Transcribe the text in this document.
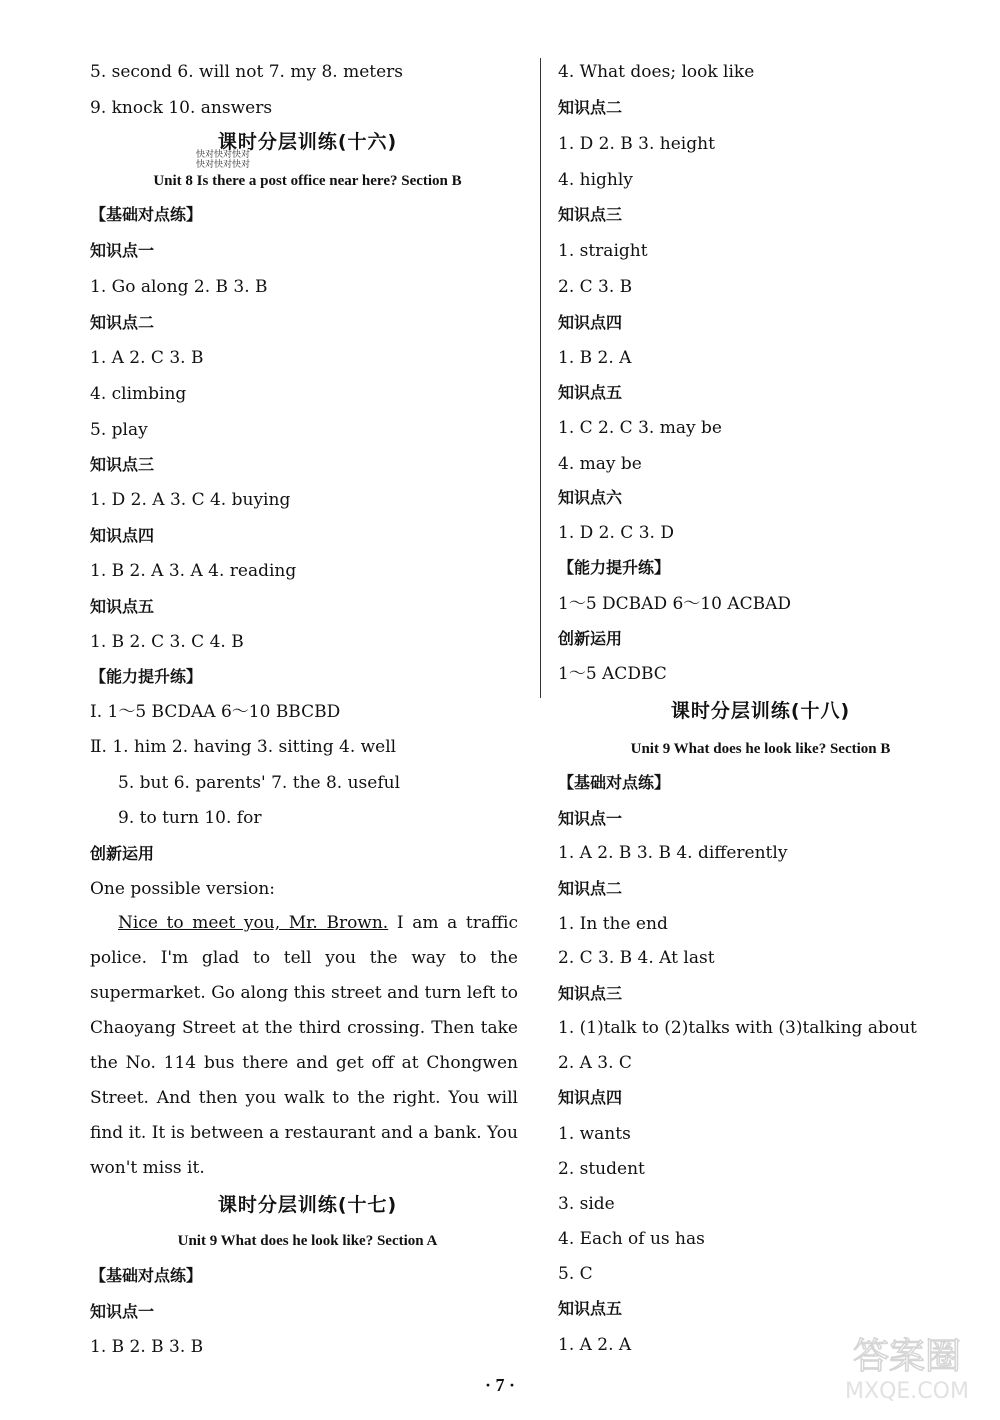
5. second 6. will not 7. my 8. meters
9. knock 10. answers
课时分层训练(十六)
Unit 8 Is there a post office near here? Section B
【基础对点练】
知识点一
1. Go along 2. B 3. B
知识点二
1. A 2. C 3. B
4. climbing
5. play
知识点三
1. D 2. A 3. C 4. buying
知识点四
1. B 2. A 3. A 4. reading
知识点五
1. B 2. C 3. C 4. B
【能力提升练】
Ⅰ. 1～5 BCDAA 6～10 BBCBD
Ⅱ. 1. him 2. having 3. sitting 4. well
5. but 6. parents' 7. the 8. useful
9. to turn 10. for
创新运用
One possible version:
Nice to meet you, Mr. Brown. I am a traffic police. I'm glad to tell you the way to the supermarket. Go along this street and turn left to Chaoyang Street at the third crossing. Then take the No. 114 bus there and get off at Chongwen Street. And then you walk to the right. You will find it. It is between a restaurant and a bank. You won't miss it.
课时分层训练(十七)
Unit 9 What does he look like? Section A
【基础对点练】
知识点一
1. B 2. B 3. B
快对快对快对
快对快对快对
4. What does; look like
知识点二
1. D 2. B 3. height
4. highly
知识点三
1. straight
2. C 3. B
知识点四
1. B 2. A
知识点五
1. C 2. C 3. may be
4. may be
知识点六
1. D 2. C 3. D
【能力提升练】
1～5 DCBAD 6～10 ACBAD
创新运用
1～5 ACDBC
课时分层训练(十八)
Unit 9 What does he look like? Section B
【基础对点练】
知识点一
1. A 2. B 3. B 4. differently
知识点二
1. In the end
2. C 3. B 4. At last
知识点三
1. (1)talk to (2)talks with (3)talking about
2. A 3. C
知识点四
1. wants
2. student
3. side
4. Each of us has
5. C
知识点五
1. A 2. A
· 7 ·
答案圈
MXQE.COM
